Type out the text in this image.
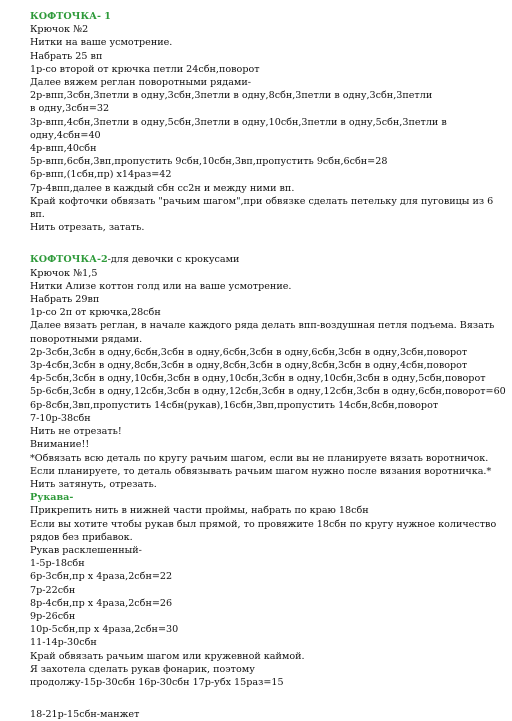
КОФТОЧКА- 1
Крючок №2
Нитки на ваше усмотрение.
Набрать 25 вп
1р-со второй от крючка петли 24сбн,поворот
Далее вяжем реглан поворотными рядами-
2р-впп,3сбн,3петли в одну,3сбн,3петли в одну,8сбн,3петли в одну,3сбн,3петли
в одну,3сбн=32
3р-впп,4сбн,3петли в одну,5сбн,3петли в одну,10сбн,3петли в одну,5сбн,3петли в
одну,4сбн=40
4р-впп,40сбн
5р-впп,6сбн,3вп,пропустить 9сбн,10сбн,3вп,пропустить 9сбн,6сбн=28
6р-впп,(1сбн,пр) х14раз=42
7р-4впп,далее в каждый сбн сс2н и между ними вп.
Край кофточки обвязать "рачьим шагом",при обвязке сделать петельку для пуговицы из 6
вп.
Нить отрезать, затать.
КОФТОЧКА-2-для девочки с крокусами
Крючок №1,5
Нитки Ализе коттон голд или на ваше усмотрение.
Набрать 29вп
1р-со 2п от крючка,28сбн
Далее вязать реглан, в начале каждого ряда делать впп-воздушная петля подъема. Вязать
поворотными рядами.
2р-3сбн,3сбн в одну,6сбн,3сбн в одну,6сбн,3сбн в одну,6сбн,3сбн в одну,3сбн,поворот
3р-4сбн,3сбн в одну,8сбн,3сбн в одну,8сбн,3сбн в одну,8сбн,3сбн в одну,4сбн,поворот
4р-5сбн,3сбн в одну,10сбн,3сбн в одну,10сбн,3сбн в одну,10сбн,3сбн в одну,5сбн,поворот
5р-6сбн,3сбн в одну,12сбн,3сбн в одну,12сбн,3сбн в одну,12сбн,3сбн в одну,6сбн,поворот=60
6р-8сбн,3вп,пропустить 14сбн(рукав),16сбн,3вп,пропустить 14сбн,8сбн,поворот
7-10р-38сбн
Нить не отрезать!
Внимание!!
*Обвязать всю деталь по кругу рачьим шагом, если вы не планируете вязать воротничок.
Если планируете, то деталь обвязывать рачьим шагом нужно после вязания воротничка.*
Нить затянуть, отрезать.
Рукава-
Прикрепить нить в нижней части проймы, набрать по краю 18сбн
Если вы хотите чтобы рукав был прямой, то провяжите 18сбн по кругу нужное количество
рядов без прибавок.
Рукав расклешенный-
1-5р-18сбн
6р-3сбн,пр х 4раза,2сбн=22
7р-22сбн
8р-4сбн,пр х 4раза,2сбн=26
9р-26сбн
10р-5сбн,пр х 4раза,2сбн=30
11-14р-30сбн
Край обвязать рачьим шагом или кружевной каймой.
Я захотела сделать рукав фонарик, поэтому
продолжу-15р-30сбн 16р-30сбн 17р-убх 15раз=15
18-21р-15сбн-манжет
